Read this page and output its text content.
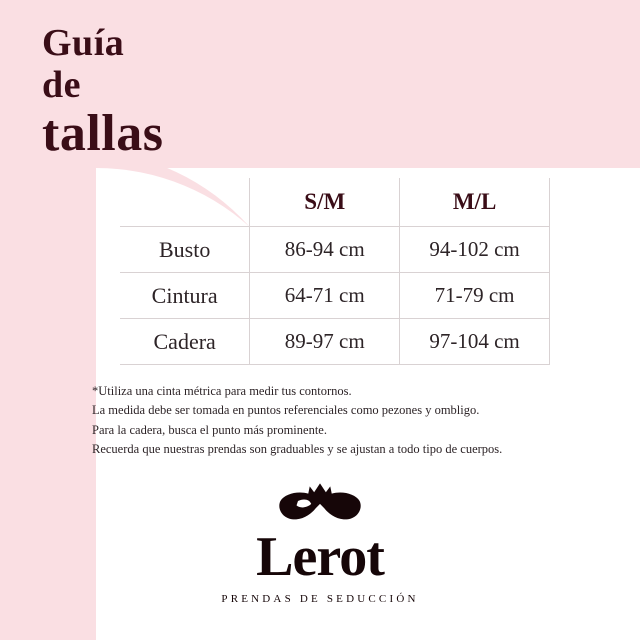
Guía
de
tallas
	S/M	M/L
Busto	86-94 cm	94-102 cm
Cintura	64-71 cm	71-79 cm
Cadera	89-97 cm	97-104 cm
*Utiliza una cinta métrica para medir tus contornos.
La medida debe ser tomada en puntos referenciales como pezones y ombligo.
Para la cadera, busca el punto más prominente.
Recuerda que nuestras prendas son graduables y se ajustan a todo tipo de cuerpos.
Lerot
PRENDAS DE SEDUCCIÓN
